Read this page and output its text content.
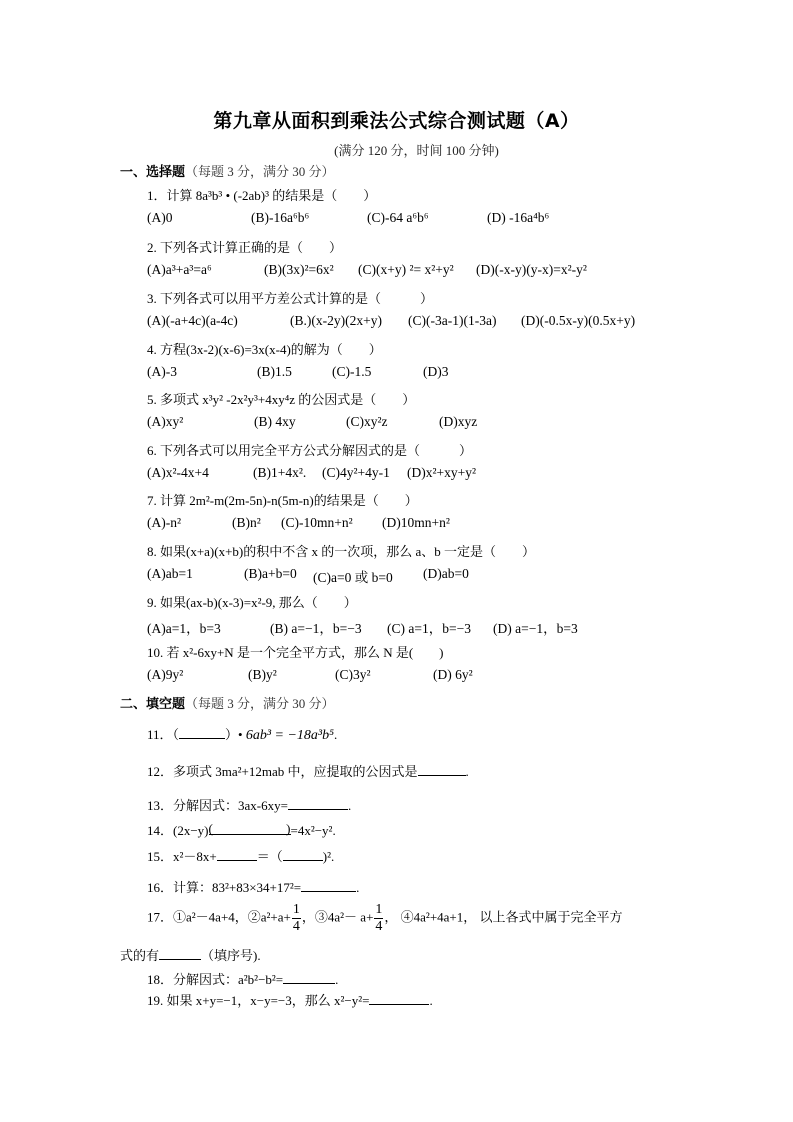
第九章从面积到乘法公式综合测试题（A）
(满分 120 分，时间 100 分钟)
一、选择题（每题 3 分，满分 30 分）
1．计算 8a³b³ • (-2ab)³ 的结果是（　　）
(A)0	(B)-16a⁶b⁶	(C)-64 a⁶b⁶	(D) -16a⁴b⁶
2. 下列各式计算正确的是（　　）
(A)a³+a³=a⁶	(B)(3x)²=6x² (C)(x+y) ²= x²+y² (D)(-x-y)(y-x)=x²-y²
3. 下列各式可以用平方差公式计算的是（　　　）
(A)(-a+4c)(a-4c)	(B.)(x-2y)(2x+y) (C)(-3a-1)(1-3a) (D)(-0.5x-y)(0.5x+y)
4. 方程(3x-2)(x-6)=3x(x-4)的解为（　　）
(A)-3	(B)1.5	(C)-1.5	(D)3
5. 多项式 x³y² -2x²y³+4xy⁴z 的公因式是（　　）
(A)xy²	(B) 4xy	(C)xy²z	(D)xyz
6. 下列各式可以用完全平方公式分解因式的是（　　　）
(A)x²-4x+4	(B)1+4x². (C)4y²+4y-1 (D)x²+xy+y²
7. 计算 2m²-m(2m-5n)-n(5m-n)的结果是（　　）
(A)-n²	(B)n² (C)-10mn+n² (D)10mn+n²
8. 如果(x+a)(x+b)的积中不含 x 的一次项，那么 a、b 一定是（　　）
(A)ab=1	(B)a+b=0 (C)a=0 或 b=0 (D)ab=0
9. 如果(ax-b)(x-3)=x²-9, 那么（　　）
(A)a=1，b=3	(B) a=−1，b=−3 (C) a=1，b=−3 (D) a=−1，b=3
10. 若 x²-6xy+N 是一个完全平方式，那么 N 是(　　)
(A)9y²	(B)y²	(C)3y²	(D) 6y²
二、填空题（每题 3 分，满分 30 分）
11．（	）• 6ab³ = −18a³b⁵.
12．多项式 3ma²+12mab 中，应提取的公因式是	.
13．分解因式：3ax-6xy=	.
14．(2x−y) (	) =4x²−y².
15．x²－8x+	＝（	)².
16．计算：83²+83×34+17²=	.
17．①a²－4a+4，②a²+a+ $\frac{1}{4}$ ，③4a²－ $a+ \frac{1}{4}$ ， ④4a²+4a+1， 以上各式中属于完全平方
式的有	（填序号).
18．分解因式：a²b²−b²=	.
19. 如果 x+y=−1，x−y=−3，那么 x²−y²=	.
